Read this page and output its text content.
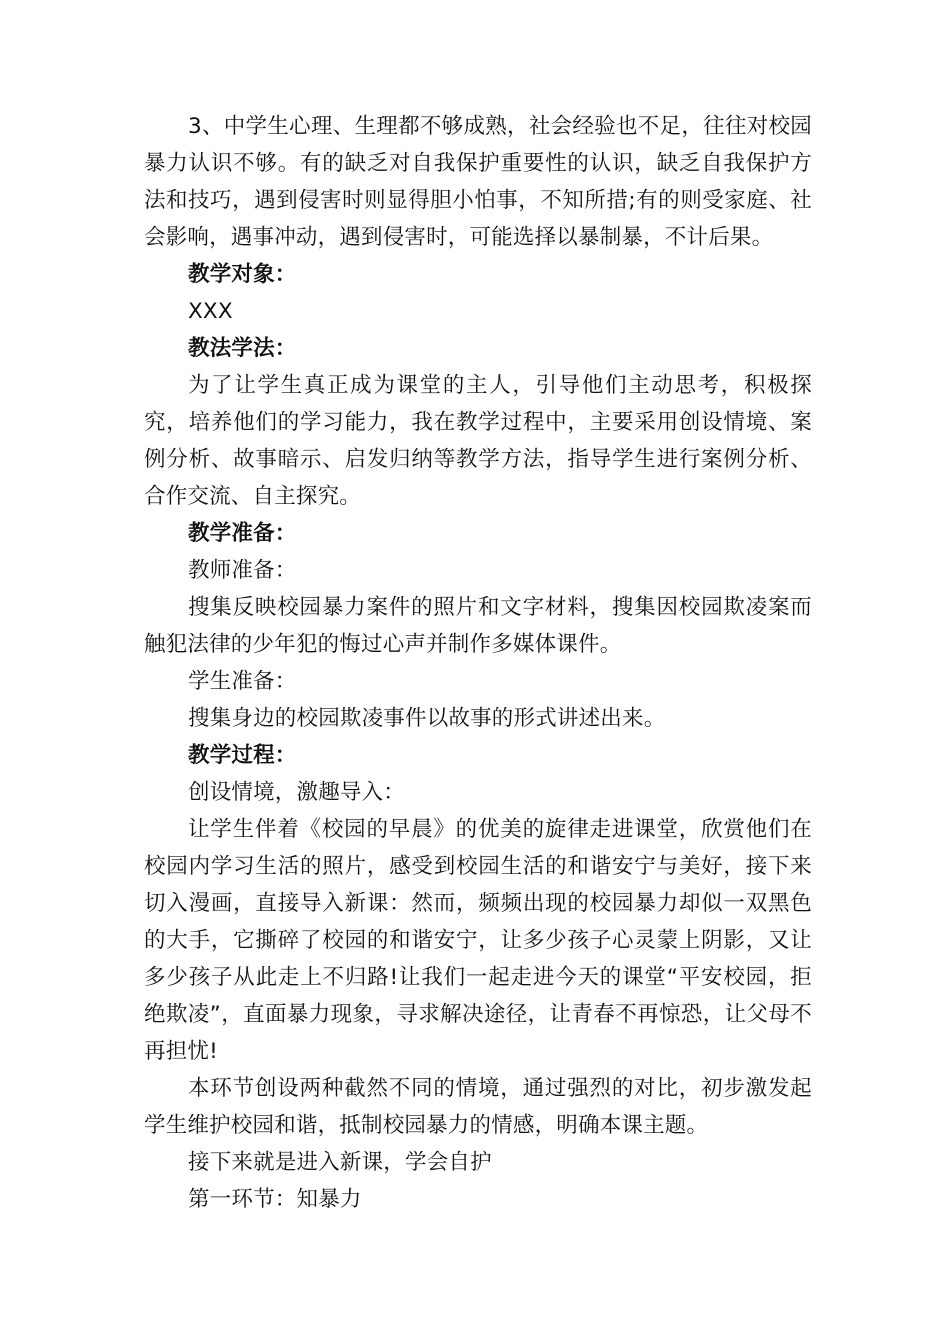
3、中学生心理、生理都不够成熟，社会经验也不足，往往对校园暴力认识不够。有的缺乏对自我保护重要性的认识，缺乏自我保护方法和技巧，遇到侵害时则显得胆小怕事，不知所措;有的则受家庭、社会影响，遇事冲动，遇到侵害时，可能选择以暴制暴，不计后果。

教学对象：

XXX

教法学法：

为了让学生真正成为课堂的主人，引导他们主动思考，积极探究，培养他们的学习能力，我在教学过程中，主要采用创设情境、案例分析、故事暗示、启发归纳等教学方法，指导学生进行案例分析、合作交流、自主探究。

教学准备：

教师准备：

搜集反映校园暴力案件的照片和文字材料，搜集因校园欺凌案而触犯法律的少年犯的悔过心声并制作多媒体课件。

学生准备：

搜集身边的校园欺凌事件以故事的形式讲述出来。

教学过程：

创设情境，激趣导入：

让学生伴着《校园的早晨》的优美的旋律走进课堂，欣赏他们在校园内学习生活的照片，感受到校园生活的和谐安宁与美好，接下来切入漫画，直接导入新课：然而，频频出现的校园暴力却似一双黑色的大手，它撕碎了校园的和谐安宁，让多少孩子心灵蒙上阴影，又让多少孩子从此走上不归路!让我们一起走进今天的课堂“平安校园，拒绝欺凌”，直面暴力现象，寻求解决途径，让青春不再惊恐，让父母不再担忧!

本环节创设两种截然不同的情境，通过强烈的对比，初步激发起学生维护校园和谐，抵制校园暴力的情感，明确本课主题。

接下来就是进入新课，学会自护

第一环节：知暴力
